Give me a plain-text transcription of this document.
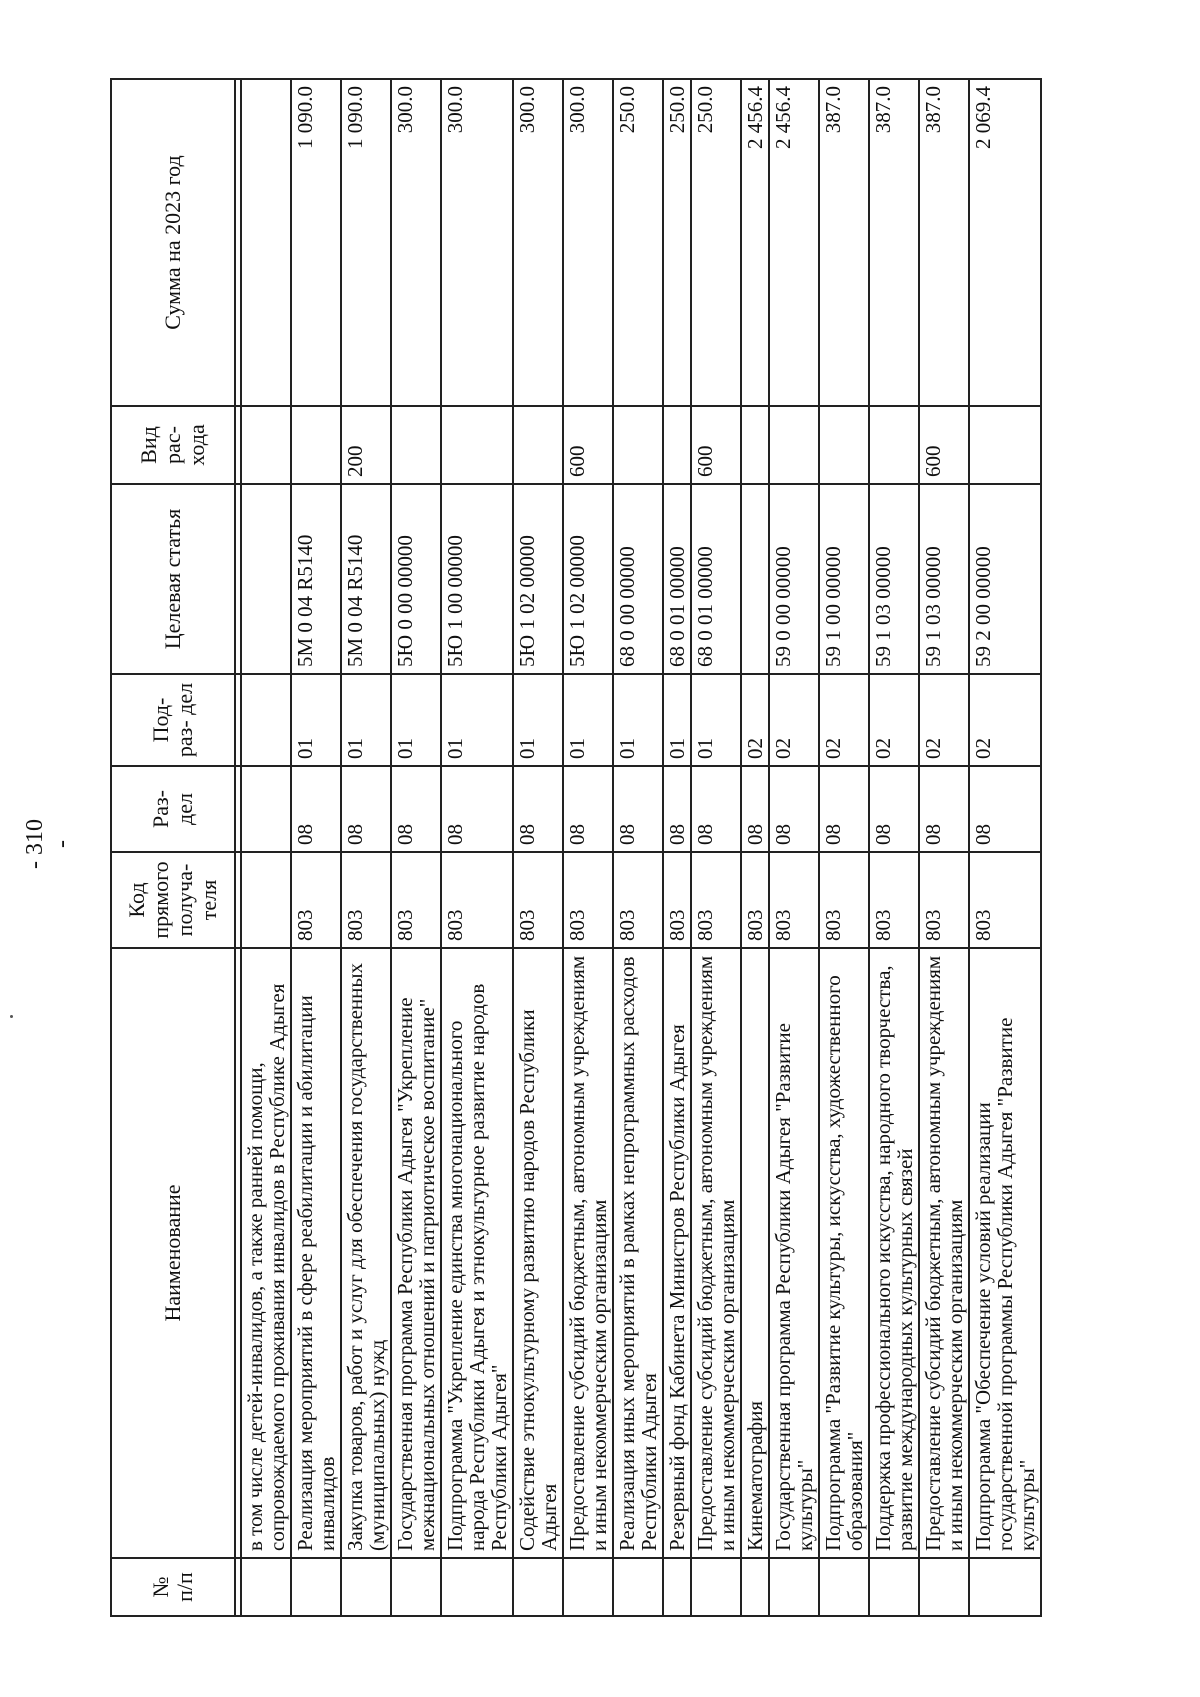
- 310 -
№ п/п	Наименование	Код прямого получа- теля	Раз- дел	Под- раз- дел	Целевая статья	Вид рас- хода	Сумма на 2023 год

	в том числе детей-инвалидов, а также ранней помощи, сопровождаемого проживания инвалидов в Республике Адыгея						
	Реализация мероприятий в сфере реабилитации и абилитации инвалидов	803	08	01	5М 0 04 R5140		1 090.0
	Закупка товаров, работ и услуг для обеспечения государственных (муниципальных) нужд	803	08	01	5М 0 04 R5140	200	1 090.0
	Государственная программа Республики Адыгея "Укрепление межнациональных отношений и патриотическое воспитание"	803	08	01	5Ю 0 00 00000		300.0
	Подпрограмма "Укрепление единства многонационального народа Республики Адыгея и этнокультурное развитие народов Республики Адыгея"	803	08	01	5Ю 1 00 00000		300.0
	Содействие этнокультурному развитию народов Республики Адыгея	803	08	01	5Ю 1 02 00000		300.0
	Предоставление субсидий бюджетным, автономным учреждениям и иным некоммерческим организациям	803	08	01	5Ю 1 02 00000	600	300.0
	Реализация иных мероприятий в рамках непрограммных расходов Республики Адыгея	803	08	01	68 0 00 00000		250.0
	Резервный фонд Кабинета Министров Республики Адыгея	803	08	01	68 0 01 00000		250.0
	Предоставление субсидий бюджетным, автономным учреждениям и иным некоммерческим организациям	803	08	01	68 0 01 00000	600	250.0
	Кинематография	803	08	02			2 456.4
	Государственная программа Республики Адыгея "Развитие культуры"	803	08	02	59 0 00 00000		2 456.4
	Подпрограмма "Развитие культуры, искусства, художественного образования"	803	08	02	59 1 00 00000		387.0
	Поддержка профессионального искусства, народного творчества, развитие международных культурных связей	803	08	02	59 1 03 00000		387.0
	Предоставление субсидий бюджетным, автономным учреждениям и иным некоммерческим организациям	803	08	02	59 1 03 00000	600	387.0
	Подпрограмма "Обеспечение условий реализации государственной программы Республики Адыгея "Развитие культуры"	803	08	02	59 2 00 00000		2 069.4
